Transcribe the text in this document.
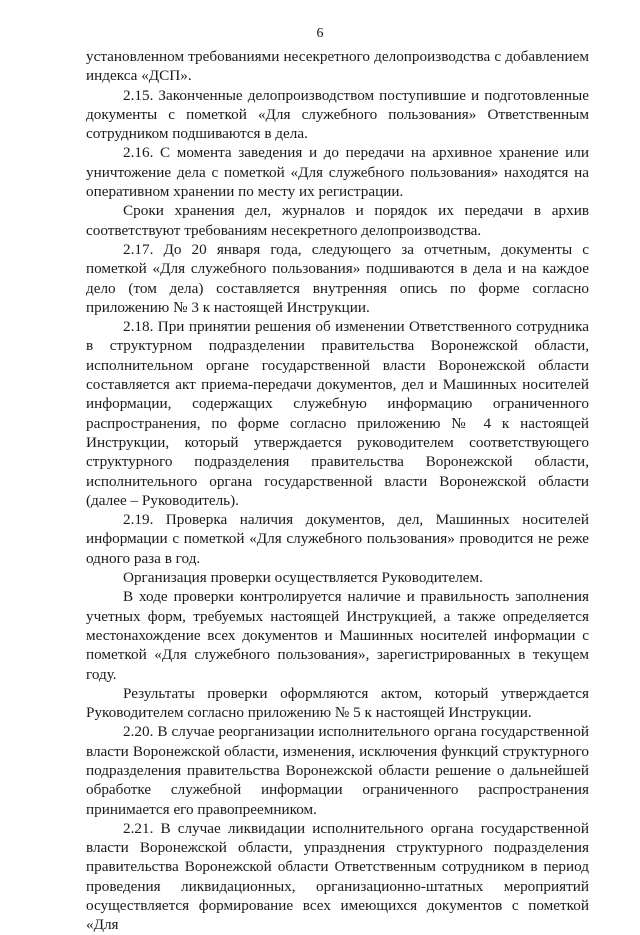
6

установленном требованиями несекретного делопроизводства с добавлением индекса «ДСП».

2.15. Законченные делопроизводством поступившие и подготовленные документы с пометкой «Для служебного пользования» Ответственным сотрудником подшиваются в дела.

2.16. С момента заведения и до передачи на архивное хранение или уничтожение дела с пометкой «Для служебного пользования» находятся на оперативном хранении по месту их регистрации.

Сроки хранения дел, журналов и порядок их передачи в архив соответствуют требованиям несекретного делопроизводства.

2.17. До 20 января года, следующего за отчетным, документы с пометкой «Для служебного пользования» подшиваются в дела и на каждое дело (том дела) составляется внутренняя опись по форме согласно приложению № 3 к настоящей Инструкции.

2.18. При принятии решения об изменении Ответственного сотрудника в структурном подразделении правительства Воронежской области, исполнительном органе государственной власти Воронежской области составляется акт приема-передачи документов, дел и Машинных носителей информации, содержащих служебную информацию ограниченного распространения, по форме согласно приложению № 4 к настоящей Инструкции, который утверждается руководителем соответствующего структурного подразделения правительства Воронежской области, исполнительного органа государственной власти Воронежской области (далее – Руководитель).

2.19. Проверка наличия документов, дел, Машинных носителей информации с пометкой «Для служебного пользования» проводится не реже одного раза в год.

Организация проверки осуществляется Руководителем.

В ходе проверки контролируется наличие и правильность заполнения учетных форм, требуемых настоящей Инструкцией, а также определяется местонахождение всех документов и Машинных носителей информации с пометкой «Для служебного пользования», зарегистрированных в текущем году.

Результаты проверки оформляются актом, который утверждается Руководителем согласно приложению № 5 к настоящей Инструкции.

2.20. В случае реорганизации исполнительного органа государственной власти Воронежской области, изменения, исключения функций структурного подразделения правительства Воронежской области решение о дальнейшей обработке служебной информации ограниченного распространения принимается его правопреемником.

2.21. В случае ликвидации исполнительного органа государственной власти Воронежской области, упразднения структурного подразделения правительства Воронежской области Ответственным сотрудником в период проведения ликвидационных, организационно-штатных мероприятий осуществляется формирование всех имеющихся документов с пометкой «Для
